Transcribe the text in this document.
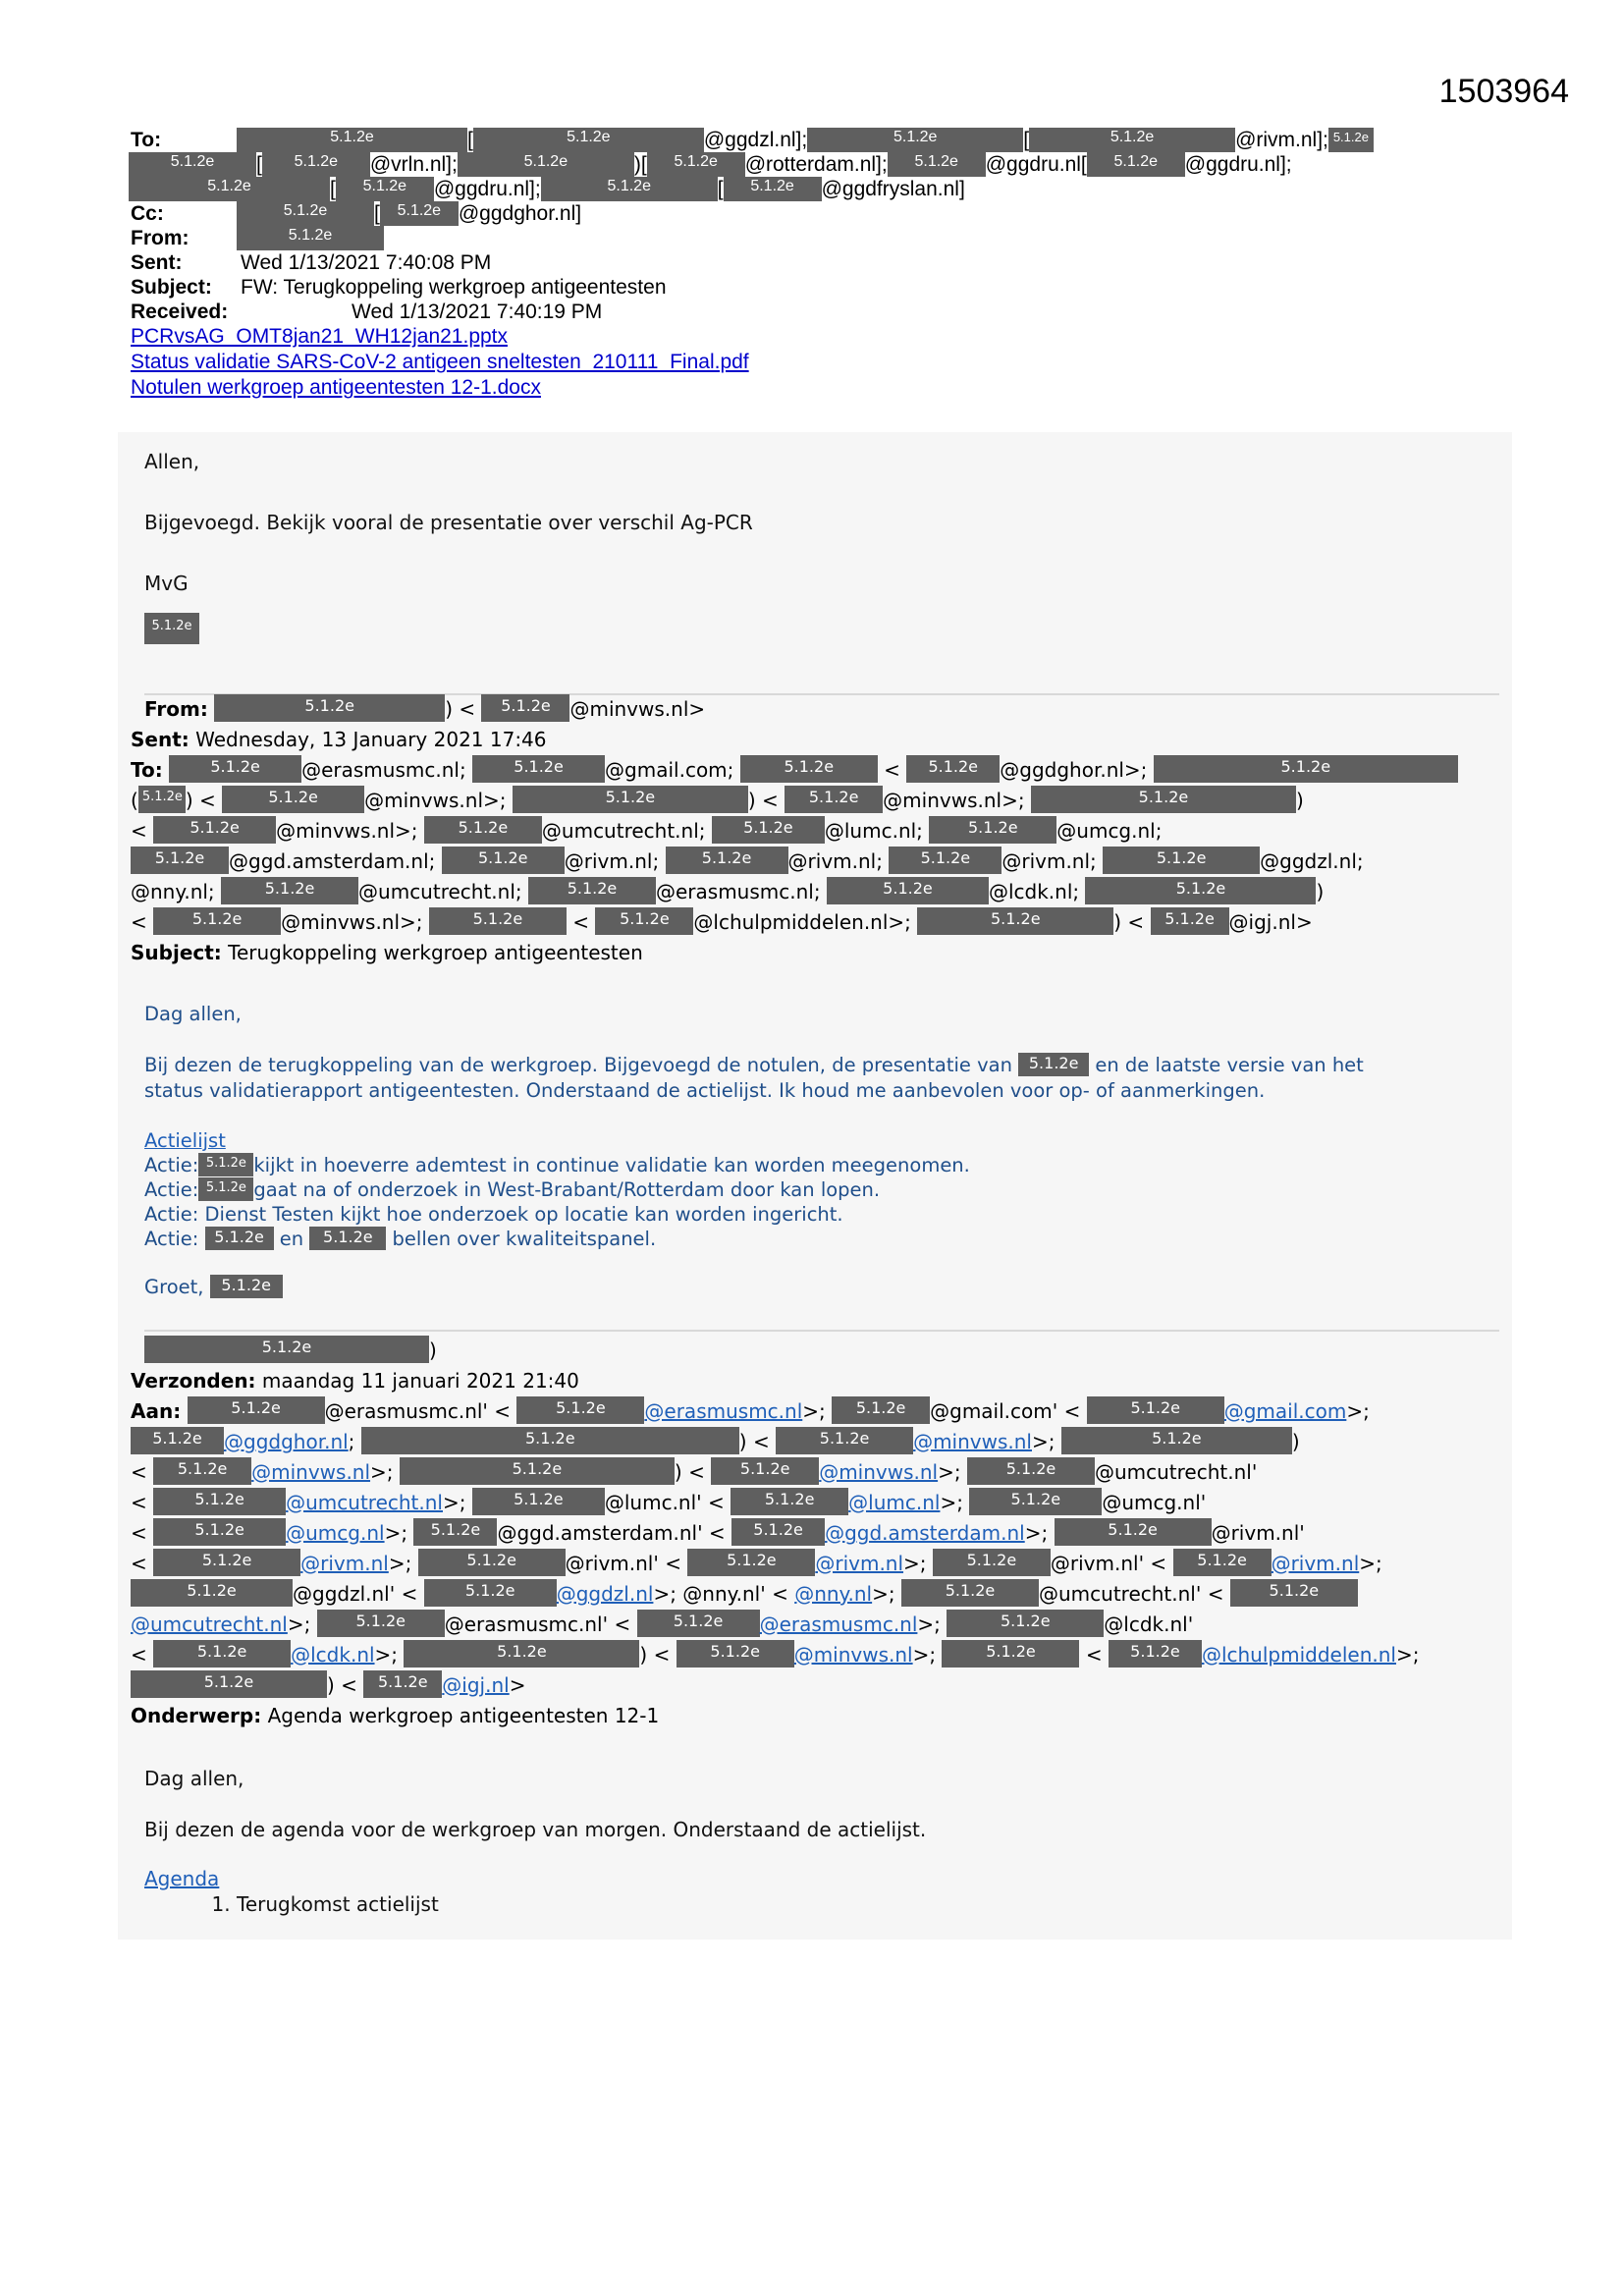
1503964
To:	5.1.2e	[	5.1.2e	@ggdzl.nl];	5.1.2e	[	5.1.2e	@rivm.nl]; 5.1.2e
5.1.2e [ 5.1.2e @vrln.nl];	5.1.2e	)[ 5.1.2e @rotterdam.nl]; 5.1.2e @ggdru.nl[ 5.1.2e @ggdru.nl];
5.1.2e	[ 5.1.2e @ggdru.nl];	5.1.2e	[ 5.1.2e @ggdfryslan.nl]
Cc:	5.1.2e [ 5.1.2e @ggdghor.nl]
From:	5.1.2e
Sent:	Wed 1/13/2021 7:40:08 PM
Subject: FW: Terugkoppeling werkgroep antigeentesten
Received:	Wed 1/13/2021 7:40:19 PM
PCRvsAG_OMT8jan21_WH12jan21.pptx
Status validatie SARS-CoV-2 antigeen sneltesten_210111_Final.pdf
Notulen werkgroep antigeentesten 12-1.docx

Allen,

Bijgevoegd. Bekijk vooral de presentatie over verschil Ag-PCR

MvG

5.1.2e

From:	5.1.2e	) < 5.1.2e @minvws.nl>
Sent: Wednesday, 13 January 2021 17:46
To:	5.1.2e @erasmusmc.nl;	5.1.2e @gmail.com;	5.1.2e < 5.1.2e @ggdghor.nl>;	5.1.2e
( 5.1.2e ) <	5.1.2e @minvws.nl>;	5.1.2e	) < 5.1.2e @minvws.nl>;	5.1.2e	)
< 5.1.2e @minvws.nl>; 5.1.2e @umcutrecht.nl; 5.1.2e @lumc.nl; 5.1.2e @umcg.nl;
5.1.2e @ggd.amsterdam.nl; 5.1.2e @rivm.nl; 5.1.2e @rivm.nl; 5.1.2e @rivm.nl;	5.1.2e	@ggdzl.nl;
@nny.nl;	5.1.2e @umcutrecht.nl; 5.1.2e @erasmusmc.nl;	5.1.2e	@lcdk.nl;	5.1.2e	)
< 5.1.2e @minvws.nl>;	5.1.2e < 5.1.2e @lchulpmiddelen.nl>;	5.1.2e	) < 5.1.2e @igj.nl>
Subject: Terugkoppeling werkgroep antigeentesten

Dag allen,

Bij dezen de terugkoppeling van de werkgroep. Bijgevoegd de notulen, de presentatie van 5.1.2e en de laatste versie van het

status validatierapport antigeentesten. Onderstaand de actielijst. Ik houd me aanbevolen voor op- of aanmerkingen.

Actielijst

Actie: 5.1.2e kijkt in hoeverre ademtest in continue validatie kan worden meegenomen.

Actie: 5.1.2e gaat na of onderzoek in West-Brabant/Rotterdam door kan lopen.

Actie: Dienst Testen kijkt hoe onderzoek op locatie kan worden ingericht.

Actie: 5.1.2e en 5.1.2e bellen over kwaliteitspanel.

Groet, 5.1.2e

5.1.2e	)
Verzonden: maandag 11 januari 2021 21:40
Aan:	5.1.2e @erasmusmc.nl' < 5.1.2e @erasmusmc.nl>; 5.1.2e @gmail.com' <	5.1.2e @gmail.com>;
5.1.2e @ggdghor.nl;	5.1.2e	) <	5.1.2e @minvws.nl>;	5.1.2e	)
< 5.1.2e @minvws.nl>;	5.1.2e	) < 5.1.2e @minvws.nl>; 5.1.2e @umcutrecht.nl'
<	5.1.2e @umcutrecht.nl>;	5.1.2e @lumc.nl' < 5.1.2e @lumc.nl>;	5.1.2e @umcg.nl'
<	5.1.2e @umcg.nl>; 5.1.2e @ggd.amsterdam.nl' < 5.1.2e @ggd.amsterdam.nl>;	5.1.2e	@rivm.nl'
<	5.1.2e @rivm.nl>;	5.1.2e @rivm.nl' < 5.1.2e @rivm.nl>; 5.1.2e @rivm.nl' < 5.1.2e @rivm.nl>;
5.1.2e	@ggdzl.nl' <	5.1.2e @ggdzl.nl>; @nny.nl' < @nny.nl>;	5.1.2e @umcutrecht.nl' < 5.1.2e
@umcutrecht.nl>; 5.1.2e @erasmusmc.nl' < 5.1.2e @erasmusmc.nl>;	5.1.2e	@lcdk.nl'
<	5.1.2e @lcdk.nl>;	5.1.2e	) < 5.1.2e @minvws.nl>;	5.1.2e < 5.1.2e @lchulpmiddelen.nl>;
5.1.2e	) < 5.1.2e @igj.nl>
Onderwerp: Agenda werkgroep antigeentesten 12-1

Dag allen,

Bij dezen de agenda voor de werkgroep van morgen. Onderstaand de actielijst.

Agenda

1. Terugkomst actielijst
